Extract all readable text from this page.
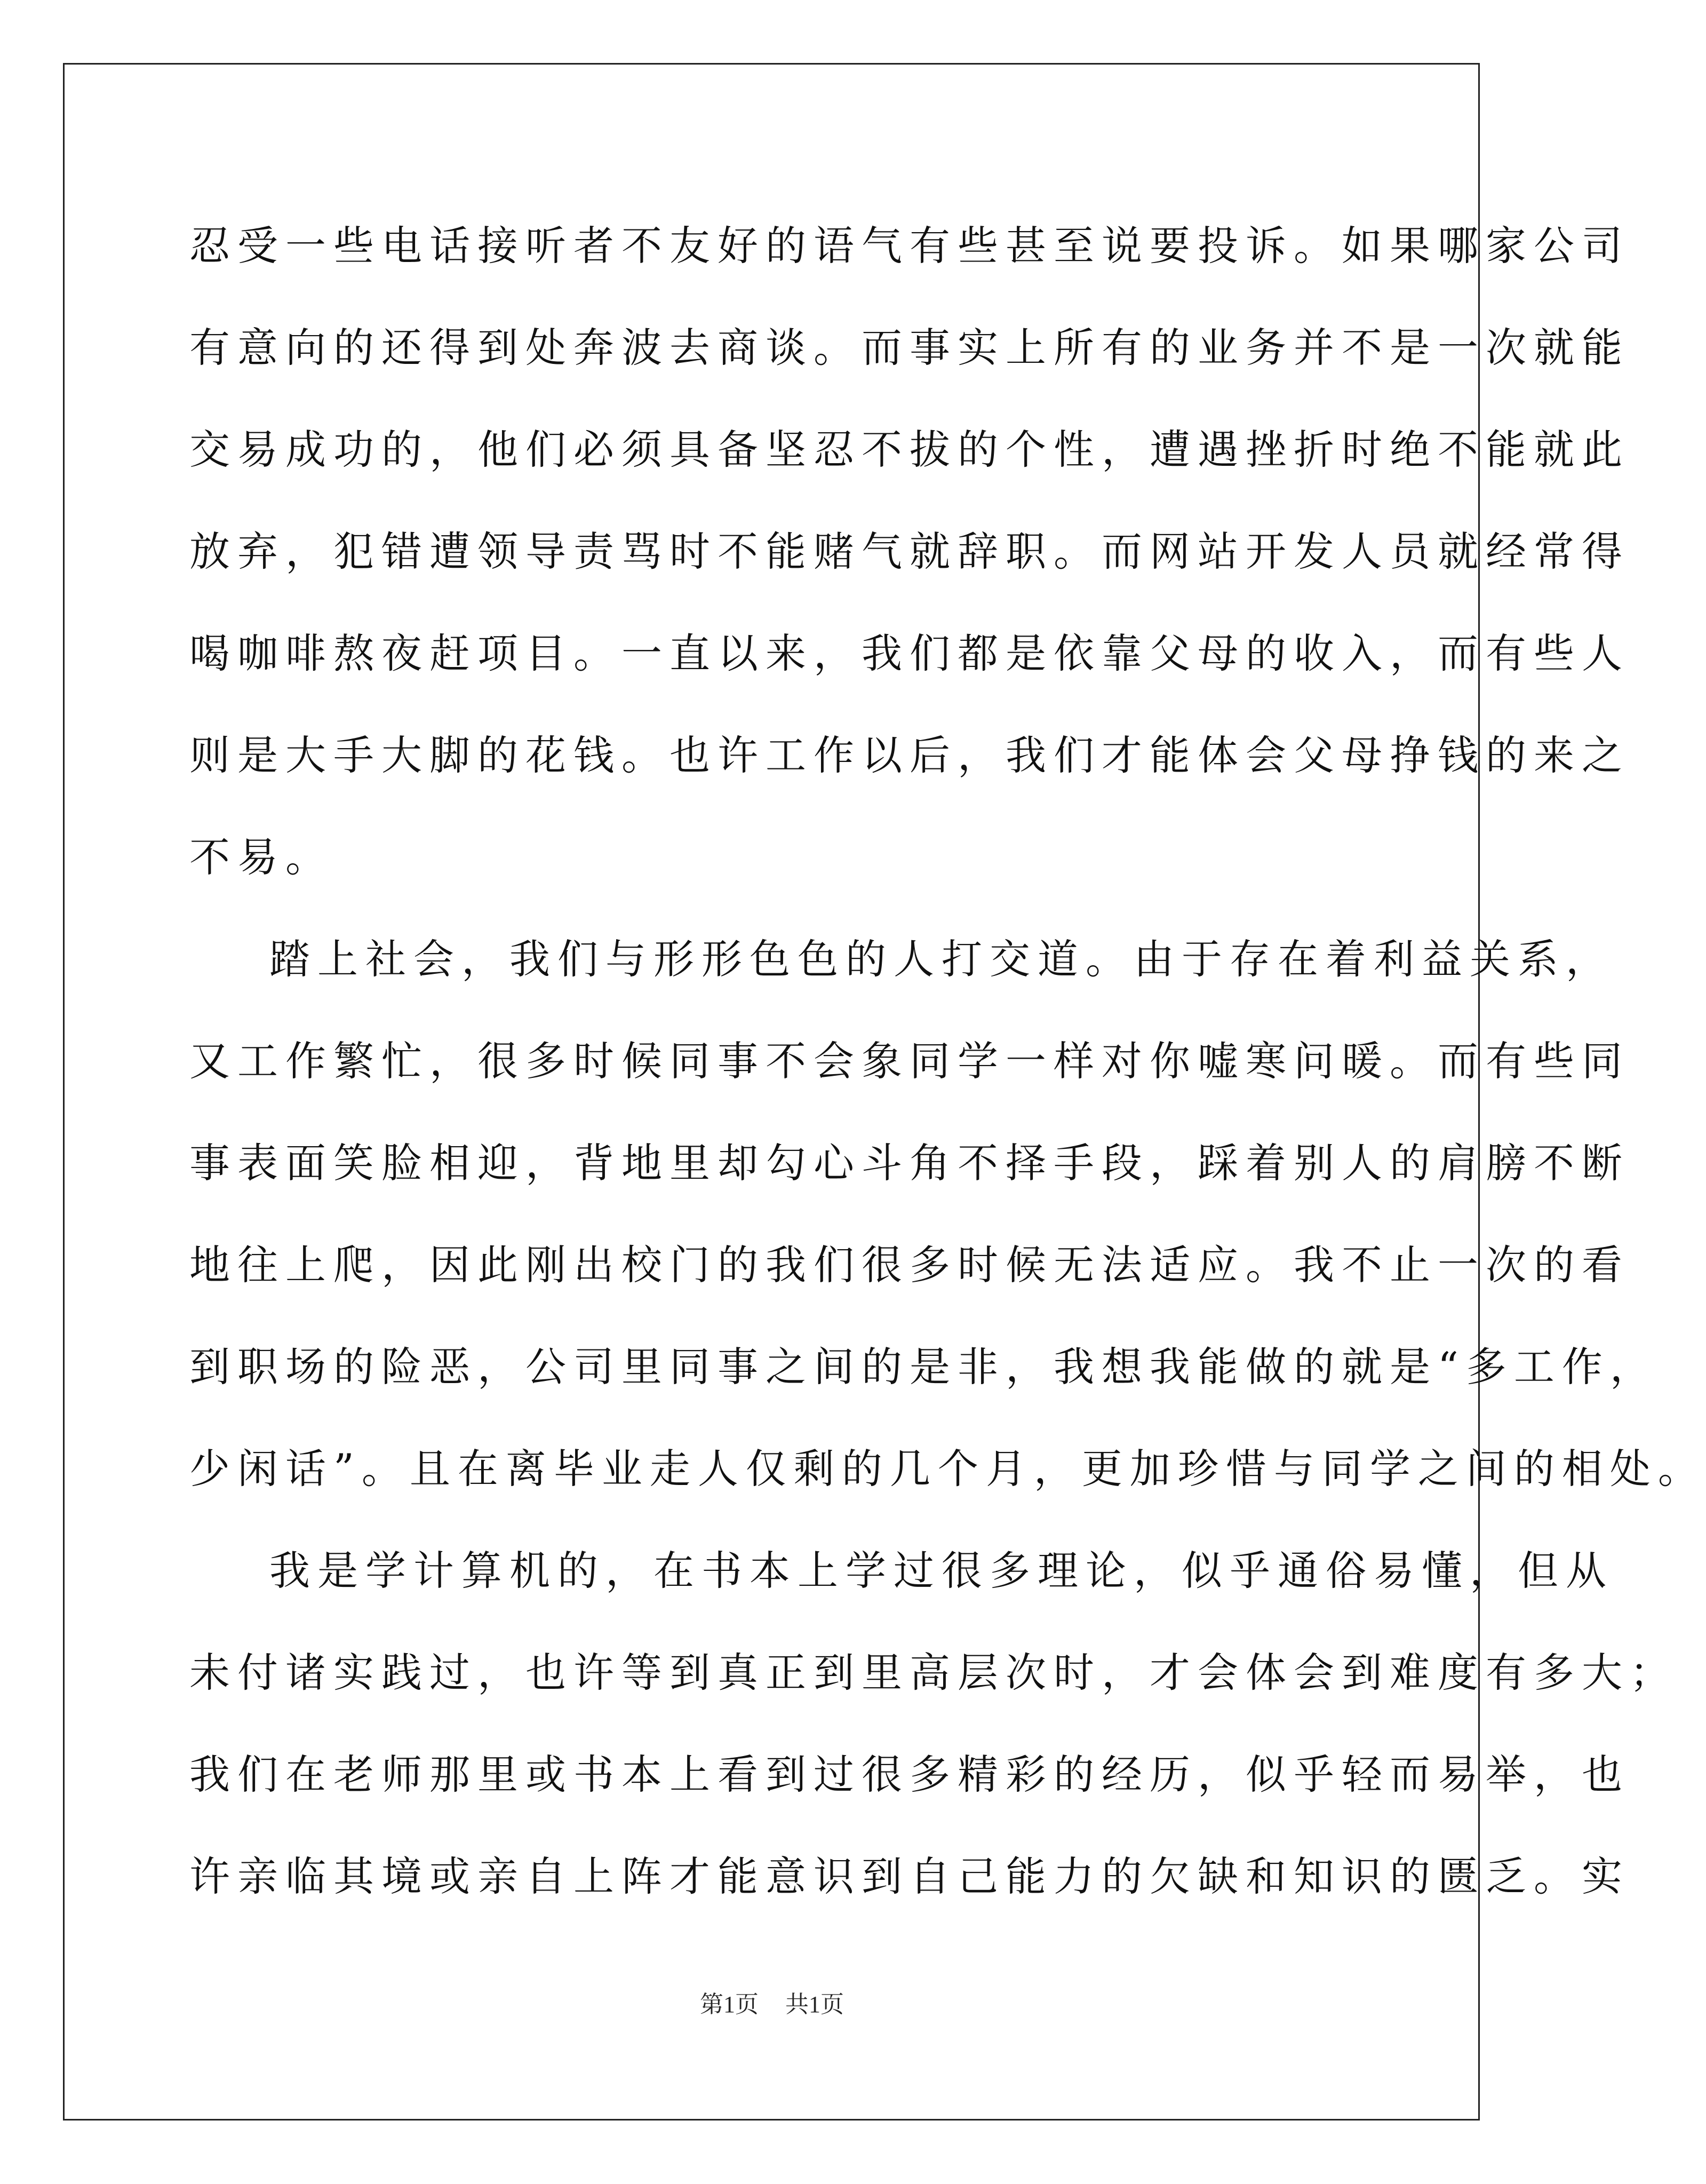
忍受一些电话接听者不友好的语气有些甚至说要投诉。如果哪家公司
有意向的还得到处奔波去商谈。而事实上所有的业务并不是一次就能
交易成功的，他们必须具备坚忍不拔的个性，遭遇挫折时绝不能就此
放弃，犯错遭领导责骂时不能赌气就辞职。而网站开发人员就经常得
喝咖啡熬夜赶项目。一直以来，我们都是依靠父母的收入，而有些人
则是大手大脚的花钱。也许工作以后，我们才能体会父母挣钱的来之
不易。
踏上社会，我们与形形色色的人打交道。由于存在着利益关系，
又工作繁忙，很多时候同事不会象同学一样对你嘘寒问暖。而有些同
事表面笑脸相迎，背地里却勾心斗角不择手段，踩着别人的肩膀不断
地往上爬，因此刚出校门的我们很多时候无法适应。我不止一次的看
到职场的险恶，公司里同事之间的是非，我想我能做的就是“多工作，
少闲话”。且在离毕业走人仅剩的几个月，更加珍惜与同学之间的相处。
我是学计算机的，在书本上学过很多理论，似乎通俗易懂，但从
未付诸实践过，也许等到真正到里高层次时，才会体会到难度有多大；
我们在老师那里或书本上看到过很多精彩的经历，似乎轻而易举，也
许亲临其境或亲自上阵才能意识到自己能力的欠缺和知识的匮乏。实
第1页 共1页
